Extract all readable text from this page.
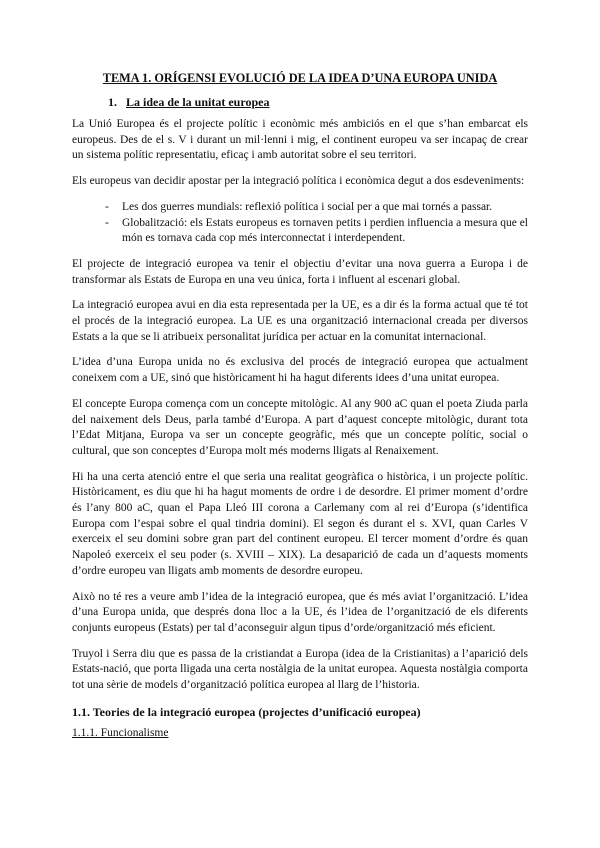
TEMA 1. ORÍGENSI EVOLUCIÓ DE LA IDEA D’UNA EUROPA UNIDA
1. La idea de la unitat europea

La Unió Europea és el projecte polític i econòmic més ambiciós en el que s’han embarcat els europeus. Des de el s. V i durant un mil·lenni i mig, el continent europeu va ser incapaç de crear un sistema polític representatiu, eficaç i amb autoritat sobre el seu territori.

Els europeus van decidir apostar per la integració política i econòmica degut a dos esdeveniments:

- Les dos guerres mundials: reflexió política i social per a que mai tornés a passar.
- Globalització: els Estats europeus es tornaven petits i perdien influencia a mesura que el món es tornava cada cop més interconnectat i interdependent.

El projecte de integració europea va tenir el objectiu d’evitar una nova guerra a Europa i de transformar als Estats de Europa en una veu única, forta i influent al escenari global.

La integració europea avui en dia esta representada per la UE, es a dir és la forma actual que té tot el procés de la integració europea. La UE es una organització internacional creada per diversos Estats a la que se li atribueix personalitat jurídica per actuar en la comunitat internacional.

L’idea d’una Europa unida no és exclusiva del procés de integració europea que actualment coneixem com a UE, sinó que històricament hi ha hagut diferents idees d’una unitat europea.

El concepte Europa comença com un concepte mitològic. Al any 900 aC quan el poeta Ziuda parla del naixement dels Deus, parla també d’Europa. A part d’aquest concepte mitològic, durant tota l’Edat Mitjana, Europa va ser un concepte geogràfic, més que un concepte polític, social o cultural, que son conceptes d’Europa molt més moderns lligats al Renaixement.

Hi ha una certa atenció entre el que seria una realitat geogràfica o històrica, i un projecte polític. Històricament, es diu que hi ha hagut moments de ordre i de desordre. El primer moment d’ordre és l’any 800 aC, quan el Papa Lleó III corona a Carlemany com al rei d’Europa (s’identifica Europa com l’espai sobre el qual tindria domini). El segon és durant el s. XVI, quan Carles V exerceix el seu domini sobre gran part del continent europeu. El tercer moment d’ordre és quan Napoleó exerceix el seu poder (s. XVIII – XIX). La desaparició de cada un d’aquests moments d’ordre europeu van lligats amb moments de desordre europeu.

Això no té res a veure amb l’idea de la integració europea, que és més aviat l’organització. L’idea d’una Europa unida, que després dona lloc a la UE, és l’idea de l’organització de els diferents conjunts europeus (Estats) per tal d’aconseguir algun tipus d’orde/organització més eficient.

Truyol i Serra diu que es passa de la cristiandat a Europa (idea de la Cristianitas) a l’aparició dels Estats-nació, que porta lligada una certa nostàlgia de la unitat europea. Aquesta nostàlgia comporta tot una sèrie de models d’organització política europea al llarg de l’historia.

1.1. Teories de la integració europea (projectes d’unificació europea)
1.1.1. Funcionalisme
